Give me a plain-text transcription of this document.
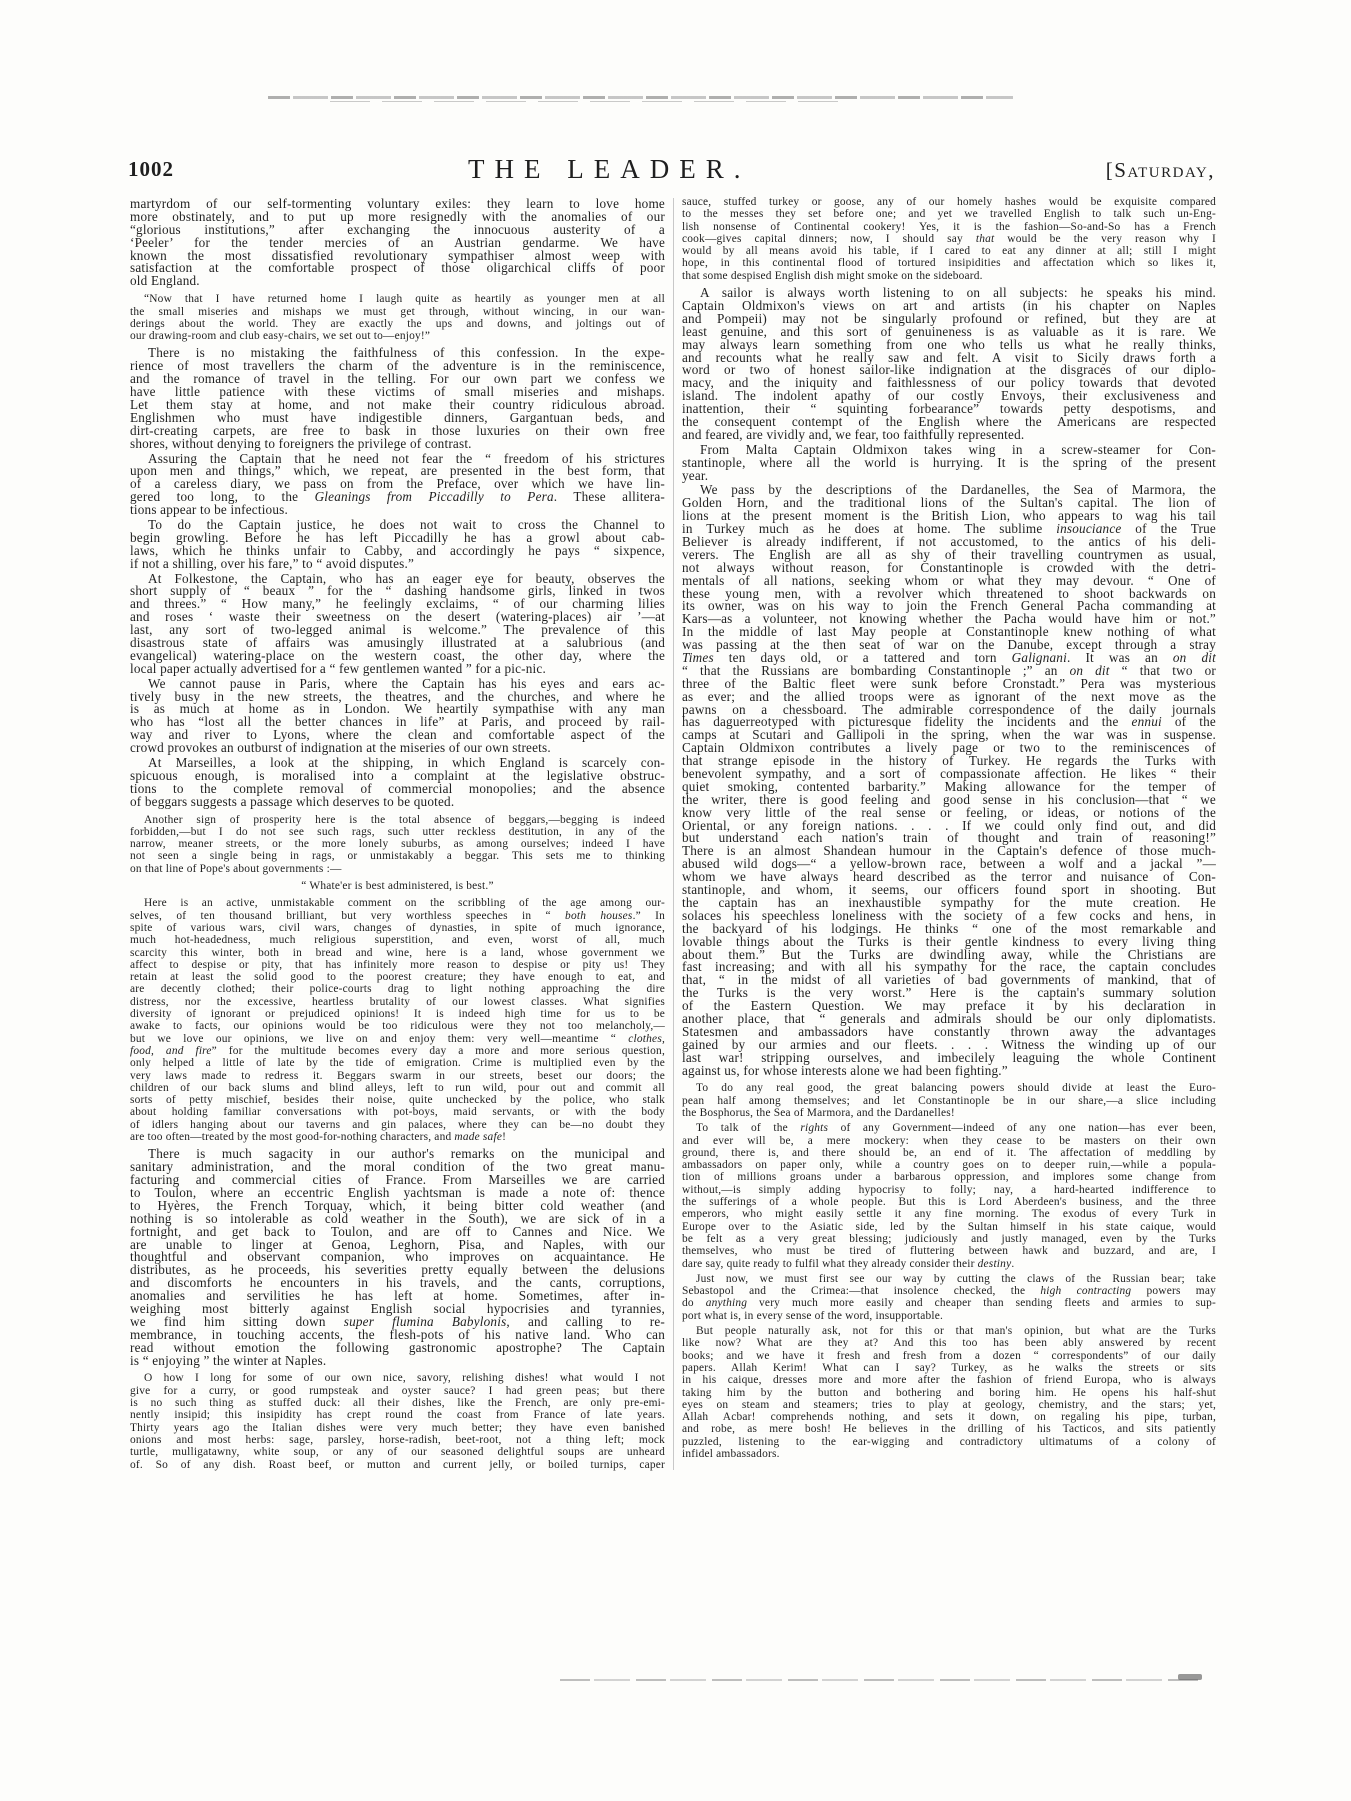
1002	THE LEADER.	[Saturday,
martyrdom of our self-tormenting voluntary exiles: they learn to love home
more obstinately, and to put up more resignedly with the anomalies of our
“glorious institutions,” after exchanging the innocuous austerity of a
‘Peeler’ for the tender mercies of an Austrian gendarme. We have
known the most dissatisfied revolutionary sympathiser almost weep with
satisfaction at the comfortable prospect of those oligarchical cliffs of poor
old England.
“Now that I have returned home I laugh quite as heartily as younger men at all
the small miseries and mishaps we must get through, without wincing, in our wan-
derings about the world. They are exactly the ups and downs, and joltings out of
our drawing-room and club easy-chairs, we set out to—enjoy!”
There is no mistaking the faithfulness of this confession. In the expe-
rience of most travellers the charm of the adventure is in the reminiscence,
and the romance of travel in the telling. For our own part we confess we
have little patience with these victims of small miseries and mishaps.
Let them stay at home, and not make their country ridiculous abroad.
Englishmen who must have indigestible dinners, Gargantuan beds, and
dirt-creating carpets, are free to bask in those luxuries on their own free
shores, without denying to foreigners the privilege of contrast.
Assuring the Captain that he need not fear the “ freedom of his strictures
upon men and things,” which, we repeat, are presented in the best form, that
of a careless diary, we pass on from the Preface, over which we have lin-
gered too long, to the Gleanings from Piccadilly to Pera. These allitera-
tions appear to be infectious.
To do the Captain justice, he does not wait to cross the Channel to
begin growling. Before he has left Piccadilly he has a growl about cab-
laws, which he thinks unfair to Cabby, and accordingly he pays “ sixpence,
if not a shilling, over his fare,” to “ avoid disputes.”
At Folkestone, the Captain, who has an eager eye for beauty, observes the
short supply of “ beaux ” for the “ dashing handsome girls, linked in twos
and threes.” “ How many,” he feelingly exclaims, “ of our charming lilies
and roses ‘ waste their sweetness on the desert (watering-places) air ’—at
last, any sort of two-legged animal is welcome.” The prevalence of this
disastrous state of affairs was amusingly illustrated at a salubrious (and
evangelical) watering-place on the western coast, the other day, where the
local paper actually advertised for a “ few gentlemen wanted ” for a pic-nic.
We cannot pause in Paris, where the Captain has his eyes and ears ac-
tively busy in the new streets, the theatres, and the churches, and where he
is as much at home as in London. We heartily sympathise with any man
who has “lost all the better chances in life” at Paris, and proceed by rail-
way and river to Lyons, where the clean and comfortable aspect of the
crowd provokes an outburst of indignation at the miseries of our own streets.
At Marseilles, a look at the shipping, in which England is scarcely con-
spicuous enough, is moralised into a complaint at the legislative obstruc-
tions to the complete removal of commercial monopolies; and the absence
of beggars suggests a passage which deserves to be quoted.
Another sign of prosperity here is the total absence of beggars,—begging is indeed
forbidden,—but I do not see such rags, such utter reckless destitution, in any of the
narrow, meaner streets, or the more lonely suburbs, as among ourselves; indeed I have
not seen a single being in rags, or unmistakably a beggar. This sets me to thinking
on that line of Pope's about governments :—
“ Whate'er is best administered, is best.”
Here is an active, unmistakable comment on the scribbling of the age among our-
selves, of ten thousand brilliant, but very worthless speeches in “ both houses.” In
spite of various wars, civil wars, changes of dynasties, in spite of much ignorance,
much hot-headedness, much religious superstition, and even, worst of all, much
scarcity this winter, both in bread and wine, here is a land, whose government we
affect to despise or pity, that has infinitely more reason to despise or pity us! They
retain at least the solid good to the poorest creature; they have enough to eat, and
are decently clothed; their police-courts drag to light nothing approaching the dire
distress, nor the excessive, heartless brutality of our lowest classes. What signifies
diversity of ignorant or prejudiced opinions! It is indeed high time for us to be
awake to facts, our opinions would be too ridiculous were they not too melancholy,—
but we love our opinions, we live on and enjoy them: very well—meantime “ clothes,
food, and fire” for the multitude becomes every day a more and more serious question,
only helped a little of late by the tide of emigration. Crime is multiplied even by the
very laws made to redress it. Beggars swarm in our streets, beset our doors; the
children of our back slums and blind alleys, left to run wild, pour out and commit all
sorts of petty mischief, besides their noise, quite unchecked by the police, who stalk
about holding familiar conversations with pot-boys, maid servants, or with the body
of idlers hanging about our taverns and gin palaces, where they can be—no doubt they
are too often—treated by the most good-for-nothing characters, and made safe!
There is much sagacity in our author's remarks on the municipal and
sanitary administration, and the moral condition of the two great manu-
facturing and commercial cities of France. From Marseilles we are carried
to Toulon, where an eccentric English yachtsman is made a note of: thence
to Hyères, the French Torquay, which, it being bitter cold weather (and
nothing is so intolerable as cold weather in the South), we are sick of in a
fortnight, and get back to Toulon, and are off to Cannes and Nice. We
are unable to linger at Genoa, Leghorn, Pisa, and Naples, with our
thoughtful and observant companion, who improves on acquaintance. He
distributes, as he proceeds, his severities pretty equally between the delusions
and discomforts he encounters in his travels, and the cants, corruptions,
anomalies and servilities he has left at home. Sometimes, after in-
weighing most bitterly against English social hypocrisies and tyrannies,
we find him sitting down super flumina Babylonis, and calling to re-
membrance, in touching accents, the flesh-pots of his native land. Who can
read without emotion the following gastronomic apostrophe? The Captain
is “ enjoying ” the winter at Naples.
O how I long for some of our own nice, savory, relishing dishes! what would I not
give for a curry, or good rumpsteak and oyster sauce? I had green peas; but there
is no such thing as stuffed duck: all their dishes, like the French, are only pre-emi-
nently insipid; this insipidity has crept round the coast from France of late years.
Thirty years ago the Italian dishes were very much better; they have even banished
onions and most herbs: sage, parsley, horse-radish, beet-root, not a thing left; mock
turtle, mulligatawny, white soup, or any of our seasoned delightful soups are unheard
of. So of any dish. Roast beef, or mutton and current jelly, or boiled turnips, caper
sauce, stuffed turkey or goose, any of our homely hashes would be exquisite compared
to the messes they set before one; and yet we travelled English to talk such un-Eng-
lish nonsense of Continental cookery! Yes, it is the fashion—So-and-So has a French
cook—gives capital dinners; now, I should say that would be the very reason why I
would by all means avoid his table, if I cared to eat any dinner at all; still I might
hope, in this continental flood of tortured insipidities and affectation which so likes it,
that some despised English dish might smoke on the sideboard.
A sailor is always worth listening to on all subjects: he speaks his mind.
Captain Oldmixon's views on art and artists (in his chapter on Naples
and Pompeii) may not be singularly profound or refined, but they are at
least genuine, and this sort of genuineness is as valuable as it is rare. We
may always learn something from one who tells us what he really thinks,
and recounts what he really saw and felt. A visit to Sicily draws forth a
word or two of honest sailor-like indignation at the disgraces of our diplo-
macy, and the iniquity and faithlessness of our policy towards that devoted
island. The indolent apathy of our costly Envoys, their exclusiveness and
inattention, their “ squinting forbearance” towards petty despotisms, and
the consequent contempt of the English where the Americans are respected
and feared, are vividly and, we fear, too faithfully represented.
From Malta Captain Oldmixon takes wing in a screw-steamer for Con-
stantinople, where all the world is hurrying. It is the spring of the present
year.
We pass by the descriptions of the Dardanelles, the Sea of Marmora, the
Golden Horn, and the traditional lions of the Sultan's capital. The lion of
lions at the present moment is the British Lion, who appears to wag his tail
in Turkey much as he does at home. The sublime insouciance of the True
Believer is already indifferent, if not accustomed, to the antics of his deli-
verers. The English are all as shy of their travelling countrymen as usual,
not always without reason, for Constantinople is crowded with the detri-
mentals of all nations, seeking whom or what they may devour. “ One of
these young men, with a revolver which threatened to shoot backwards on
its owner, was on his way to join the French General Pacha commanding at
Kars—as a volunteer, not knowing whether the Pacha would have him or not.”
In the middle of last May people at Constantinople knew nothing of what
was passing at the then seat of war on the Danube, except through a stray
Times ten days old, or a tattered and torn Galignani. It was an on dit
“ that the Russians are bombarding Constantinople ;” an on dit “ that two or
three of the Baltic fleet were sunk before Cronstadt.” Pera was mysterious
as ever; and the allied troops were as ignorant of the next move as the
pawns on a chessboard. The admirable correspondence of the daily journals
has daguerreotyped with picturesque fidelity the incidents and the ennui of the
camps at Scutari and Gallipoli in the spring, when the war was in suspense.
Captain Oldmixon contributes a lively page or two to the reminiscences of
that strange episode in the history of Turkey. He regards the Turks with
benevolent sympathy, and a sort of compassionate affection. He likes “ their
quiet smoking, contented barbarity.” Making allowance for the temper of
the writer, there is good feeling and good sense in his conclusion—that “ we
know very little of the real sense or feeling, or ideas, or notions of the
Oriental, or any foreign nations. . . . If we could only find out, and did
but understand each nation's train of thought and train of reasoning!”
There is an almost Shandean humour in the Captain's defence of those much-
abused wild dogs—“ a yellow-brown race, between a wolf and a jackal ”—
whom we have always heard described as the terror and nuisance of Con-
stantinople, and whom, it seems, our officers found sport in shooting. But
the captain has an inexhaustible sympathy for the mute creation. He
solaces his speechless loneliness with the society of a few cocks and hens, in
the backyard of his lodgings. He thinks “ one of the most remarkable and
lovable things about the Turks is their gentle kindness to every living thing
about them.” But the Turks are dwindling away, while the Christians are
fast increasing; and with all his sympathy for the race, the captain concludes
that, “ in the midst of all varieties of bad governments of mankind, that of
the Turks is the very worst.” Here is the captain's summary solution
of the Eastern Question. We may preface it by his declaration in
another place, that “ generals and admirals should be our only diplomatists.
Statesmen and ambassadors have constantly thrown away the advantages
gained by our armies and our fleets. . . . Witness the winding up of our
last war! stripping ourselves, and imbecilely leaguing the whole Continent
against us, for whose interests alone we had been fighting.”
To do any real good, the great balancing powers should divide at least the Euro-
pean half among themselves; and let Constantinople be in our share,—a slice including
the Bosphorus, the Sea of Marmora, and the Dardanelles!
To talk of the rights of any Government—indeed of any one nation—has ever been,
and ever will be, a mere mockery: when they cease to be masters on their own
ground, there is, and there should be, an end of it. The affectation of meddling by
ambassadors on paper only, while a country goes on to deeper ruin,—while a popula-
tion of millions groans under a barbarous oppression, and implores some change from
without,—is simply adding hypocrisy to folly; nay, a hard-hearted indifference to
the sufferings of a whole people. But this is Lord Aberdeen's business, and the three
emperors, who might easily settle it any fine morning. The exodus of every Turk in
Europe over to the Asiatic side, led by the Sultan himself in his state caique, would
be felt as a very great blessing; judiciously and justly managed, even by the Turks
themselves, who must be tired of fluttering between hawk and buzzard, and are, I
dare say, quite ready to fulfil what they already consider their destiny.
Just now, we must first see our way by cutting the claws of the Russian bear; take
Sebastopol and the Crimea:—that insolence checked, the high contracting powers may
do anything very much more easily and cheaper than sending fleets and armies to sup-
port what is, in every sense of the word, insupportable.
But people naturally ask, not for this or that man's opinion, but what are the Turks
like now? What are they at? And this too has been ably answered by recent
books; and we have it fresh and fresh from a dozen “ correspondents” of our daily
papers. Allah Kerim! What can I say? Turkey, as he walks the streets or sits
in his caique, dresses more and more after the fashion of friend Europa, who is always
taking him by the button and bothering and boring him. He opens his half-shut
eyes on steam and steamers; tries to play at geology, chemistry, and the stars; yet,
Allah Acbar! comprehends nothing, and sets it down, on regaling his pipe, turban,
and robe, as mere bosh! He believes in the drilling of his Tacticos, and sits patiently
puzzled, listening to the ear-wigging and contradictory ultimatums of a colony of
infidel ambassadors.
